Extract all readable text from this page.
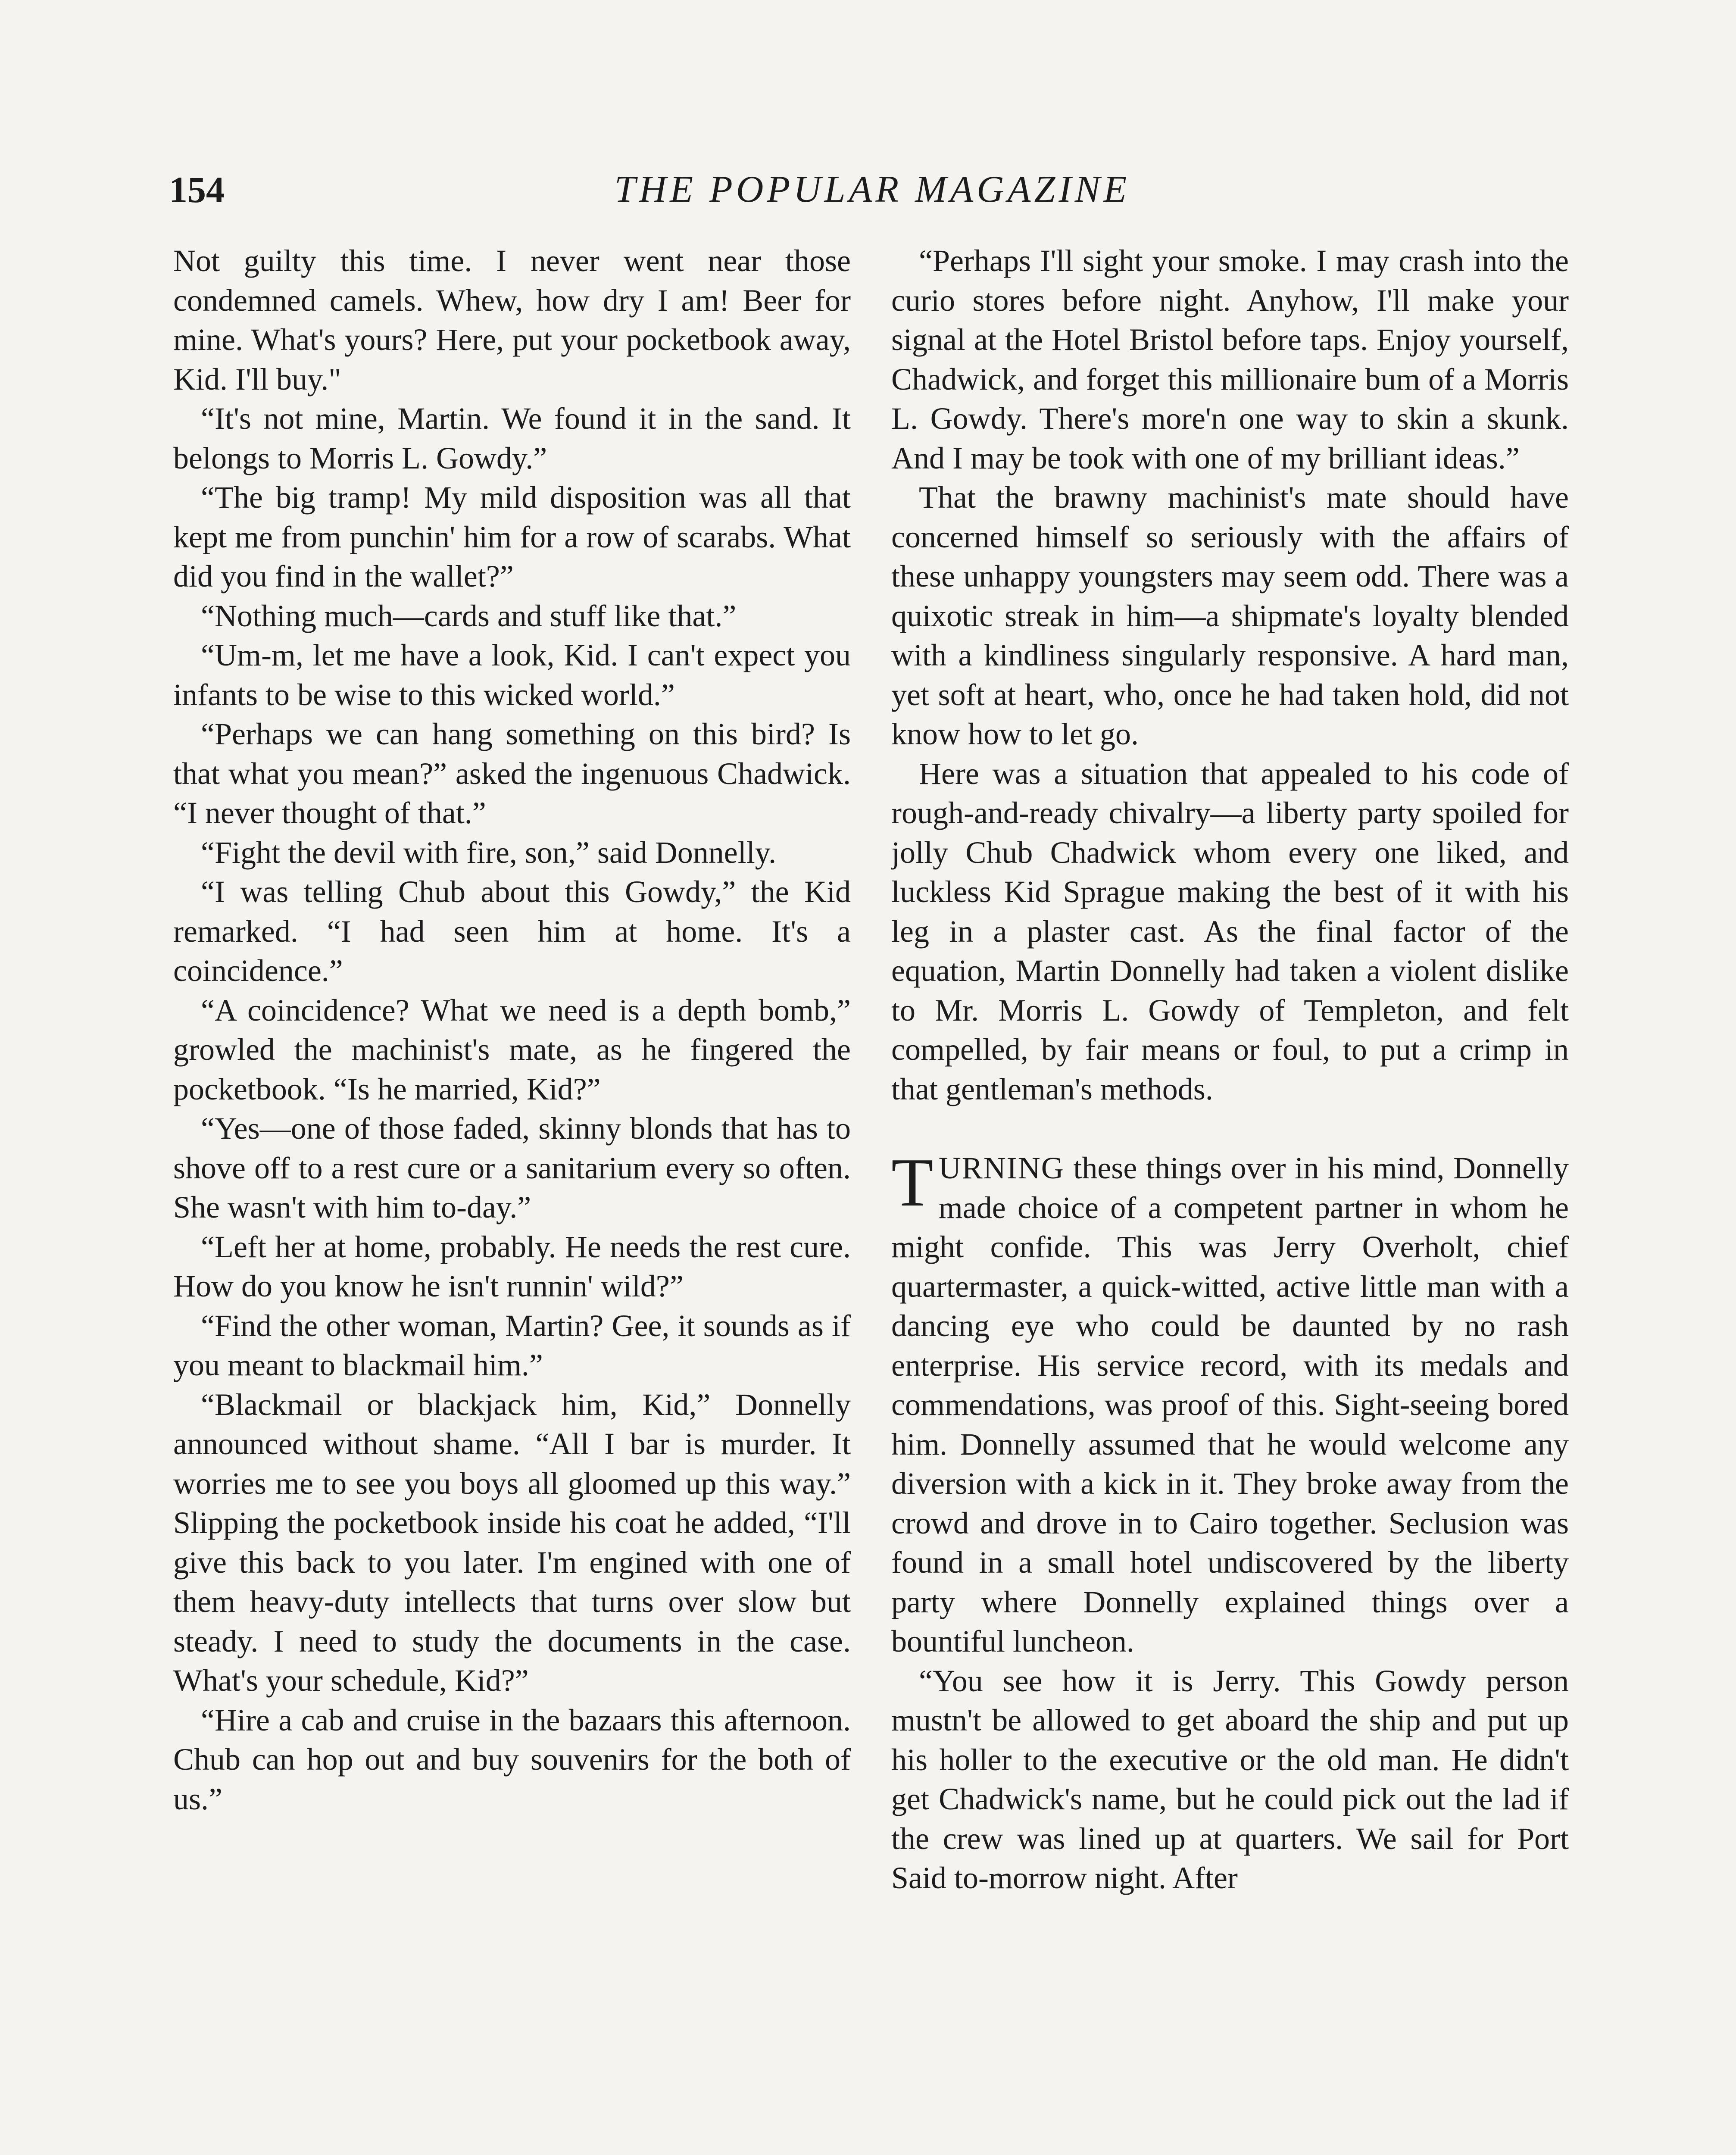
154	THE POPULAR MAGAZINE

Not guilty this time. I never went near those condemned camels. Whew, how dry I am! Beer for mine. What's yours? Here, put your pocketbook away, Kid. I'll buy."

“It's not mine, Martin. We found it in the sand. It belongs to Morris L. Gowdy.”

“The big tramp! My mild disposition was all that kept me from punchin' him for a row of scarabs. What did you find in the wallet?”

“Nothing much—cards and stuff like that.”

“Um-m, let me have a look, Kid. I can't expect you infants to be wise to this wicked world.”

“Perhaps we can hang something on this bird? Is that what you mean?” asked the ingenuous Chadwick. “I never thought of that.”

“Fight the devil with fire, son,” said Donnelly.

“I was telling Chub about this Gowdy,” the Kid remarked. “I had seen him at home. It's a coincidence.”

“A coincidence? What we need is a depth bomb,” growled the machinist's mate, as he fingered the pocketbook. “Is he married, Kid?”

“Yes—one of those faded, skinny blonds that has to shove off to a rest cure or a sanitarium every so often. She wasn't with him to-day.”

“Left her at home, probably. He needs the rest cure. How do you know he isn't runnin' wild?”

“Find the other woman, Martin? Gee, it sounds as if you meant to blackmail him.”

“Blackmail or blackjack him, Kid,” Donnelly announced without shame. “All I bar is murder. It worries me to see you boys all gloomed up this way.” Slipping the pocketbook inside his coat he added, “I'll give this back to you later. I'm engined with one of them heavy-duty intellects that turns over slow but steady. I need to study the documents in the case. What's your schedule, Kid?”

“Hire a cab and cruise in the bazaars this afternoon. Chub can hop out and buy souvenirs for the both of us.”

“Perhaps I'll sight your smoke. I may crash into the curio stores before night. Anyhow, I'll make your signal at the Hotel Bristol before taps. Enjoy yourself, Chadwick, and forget this millionaire bum of a Morris L. Gowdy. There's more'n one way to skin a skunk. And I may be took with one of my brilliant ideas.”

That the brawny machinist's mate should have concerned himself so seriously with the affairs of these unhappy youngsters may seem odd. There was a quixotic streak in him—a shipmate's loyalty blended with a kindliness singularly responsive. A hard man, yet soft at heart, who, once he had taken hold, did not know how to let go.

Here was a situation that appealed to his code of rough-and-ready chivalry—a liberty party spoiled for jolly Chub Chadwick whom every one liked, and luckless Kid Sprague making the best of it with his leg in a plaster cast. As the final factor of the equation, Martin Donnelly had taken a violent dislike to Mr. Morris L. Gowdy of Templeton, and felt compelled, by fair means or foul, to put a crimp in that gentleman's methods.

TURNING these things over in his mind, Donnelly made choice of a competent partner in whom he might confide. This was Jerry Overholt, chief quartermaster, a quick-witted, active little man with a dancing eye who could be daunted by no rash enterprise. His service record, with its medals and commendations, was proof of this. Sight-seeing bored him. Donnelly assumed that he would welcome any diversion with a kick in it. They broke away from the crowd and drove in to Cairo together. Seclusion was found in a small hotel undiscovered by the liberty party where Donnelly explained things over a bountiful luncheon.

“You see how it is Jerry. This Gowdy person mustn't be allowed to get aboard the ship and put up his holler to the executive or the old man. He didn't get Chadwick's name, but he could pick out the lad if the crew was lined up at quarters. We sail for Port Said to-morrow night. After
